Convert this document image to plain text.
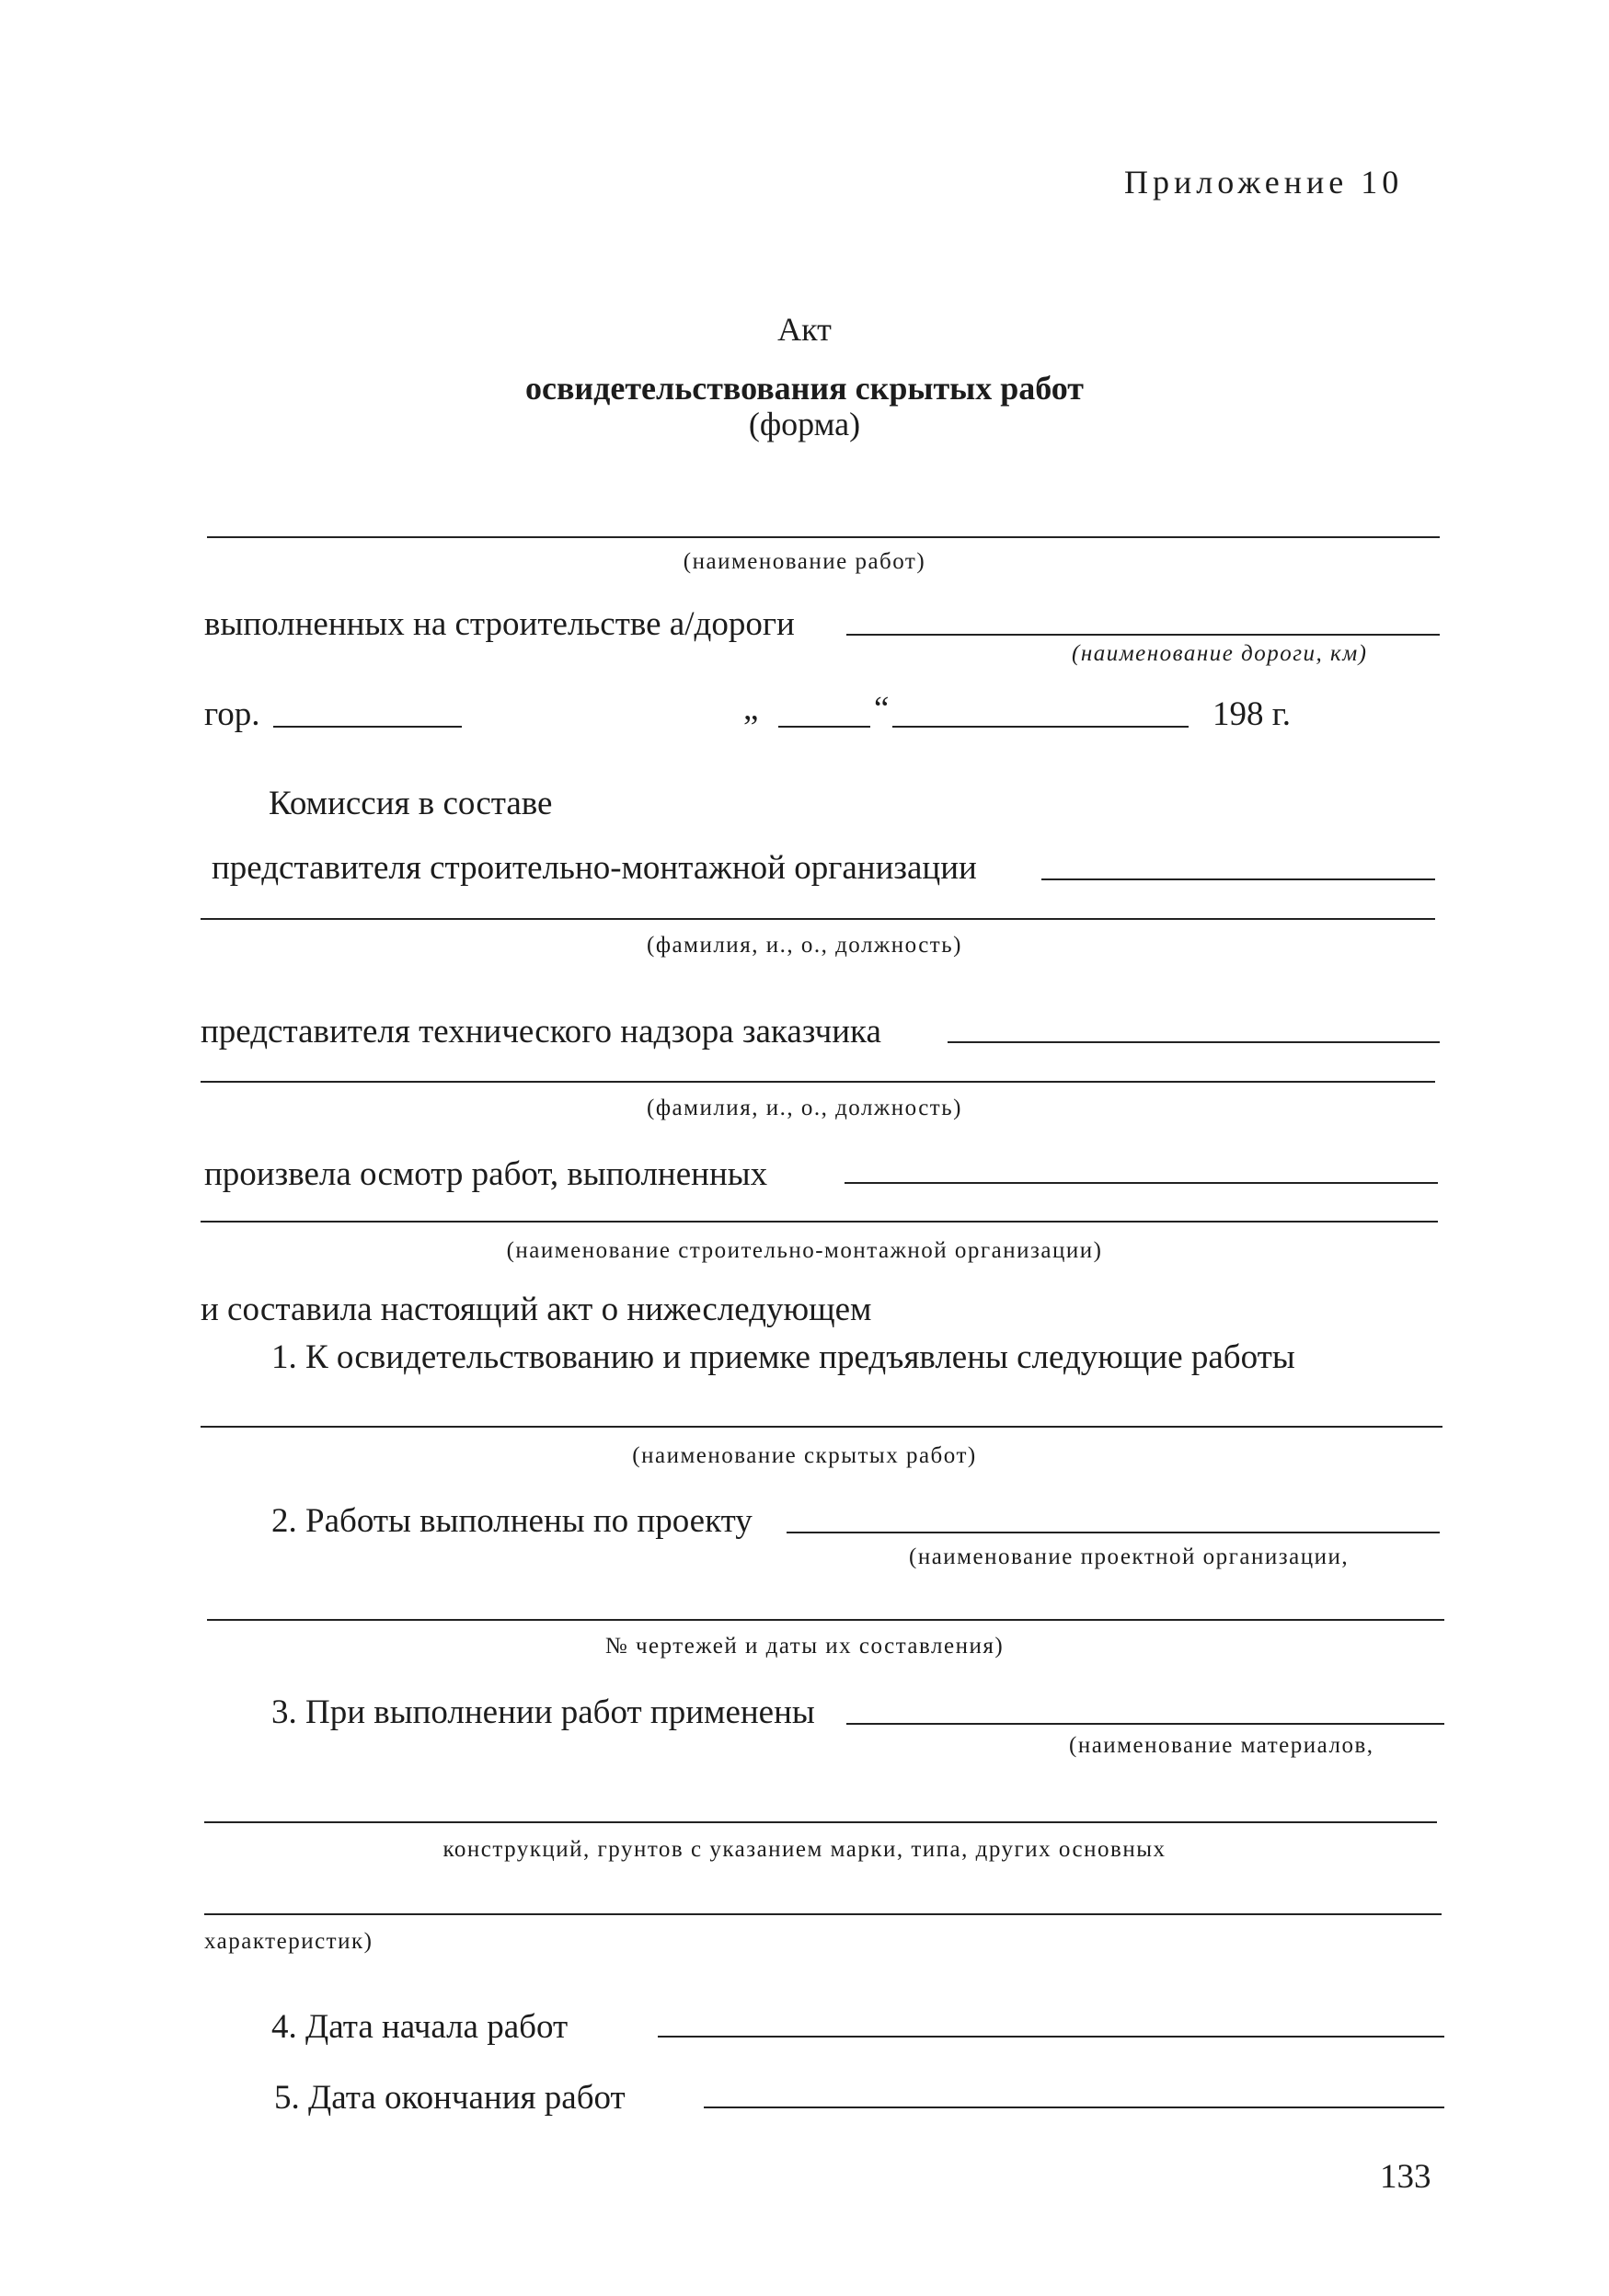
Приложение 10
Акт
освидетельствования скрытых работ
(форма)
(наименование работ)
выполненных на строительстве а/дороги
(наименование дороги, км)
гор.	„	“	198 г.
Комиссия в составе
представителя строительно-монтажной организации
(фамилия, и., о., должность)
представителя технического надзора заказчика
(фамилия, и., о., должность)
произвела осмотр работ, выполненных
(наименование строительно-монтажной организации)
и составила настоящий акт о нижеследующем
1. К освидетельствованию и приемке предъявлены следующие работы
(наименование скрытых работ)
2. Работы выполнены по проекту
(наименование проектной организации,
№ чертежей и даты их составления)
3. При выполнении работ применены
(наименование материалов,
конструкций, грунтов с указанием марки, типа, других основных
характеристик)
4. Дата начала работ
5. Дата окончания работ
133
